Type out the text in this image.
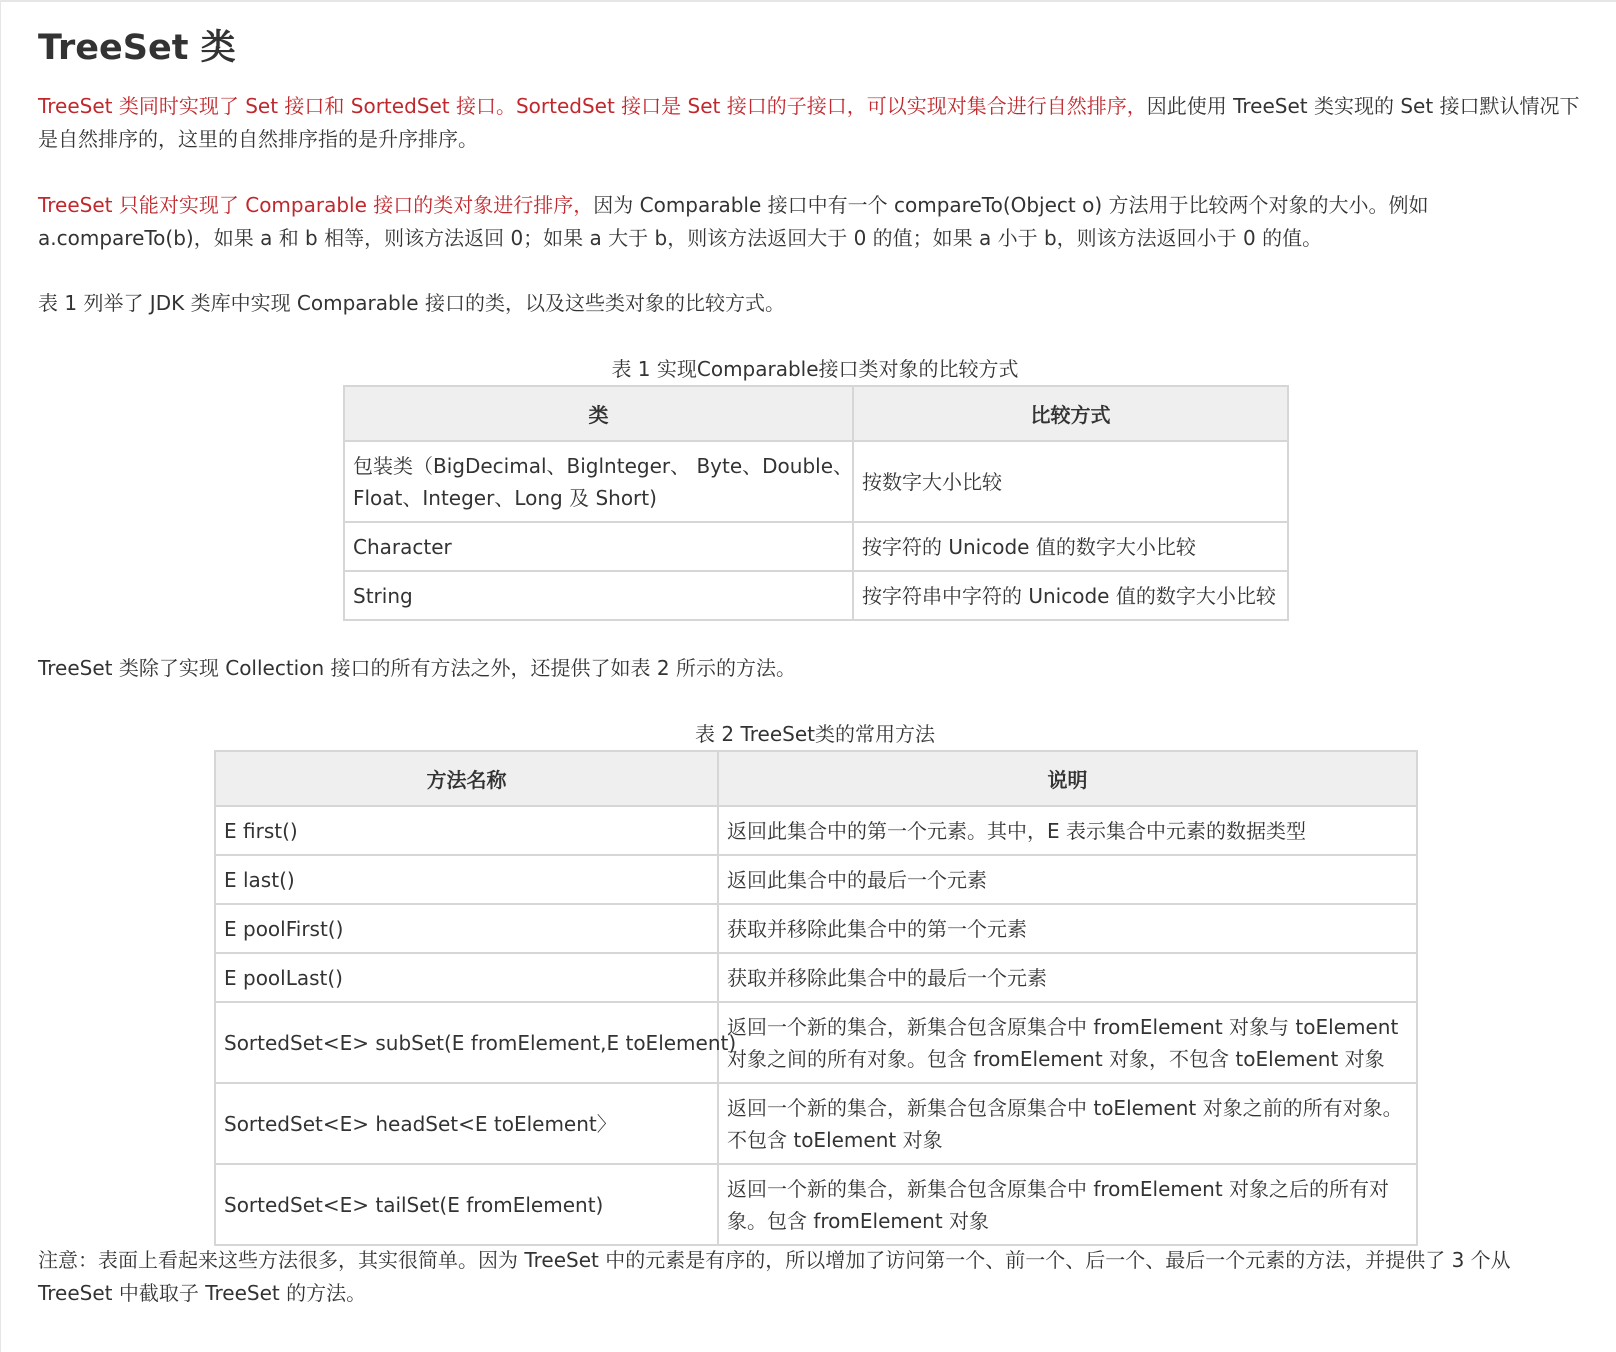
TreeSet 类
TreeSet 类同时实现了 Set 接口和 SortedSet 接口。SortedSet 接口是 Set 接口的子接口，可以实现对集合进行自然排序，因此使用 TreeSet 类实现的 Set 接口默认情况下
是自然排序的，这里的自然排序指的是升序排序。
TreeSet 只能对实现了 Comparable 接口的类对象进行排序，因为 Comparable 接口中有一个 compareTo(Object o) 方法用于比较两个对象的大小。例如
a.compareTo(b)，如果 a 和 b 相等，则该方法返回 0；如果 a 大于 b，则该方法返回大于 0 的值；如果 a 小于 b，则该方法返回小于 0 的值。
表 1 列举了 JDK 类库中实现 Comparable 接口的类，以及这些类对象的比较方式。
表 1 实现Comparable接口类对象的比较方式
类	比较方式

包装类（BigDecimal、Biglnteger、 Byte、Double、
Float、Integer、Long 及 Short)	按数字大小比较
Character	按字符的 Unicode 值的数字大小比较
String	按字符串中字符的 Unicode 值的数字大小比较
TreeSet 类除了实现 Collection 接口的所有方法之外，还提供了如表 2 所示的方法。
表 2 TreeSet类的常用方法
方法名称	说明
E first()	返回此集合中的第一个元素。其中，E 表示集合中元素的数据类型
E last()	返回此集合中的最后一个元素
E poolFirst()	获取并移除此集合中的第一个元素
E poolLast()	获取并移除此集合中的最后一个元素
SortedSet<E> subSet(E fromElement,E toElement)	返回一个新的集合，新集合包含原集合中 fromElement 对象与 toElement
对象之间的所有对象。包含 fromElement 对象，不包含 toElement 对象

SortedSet<E> headSet<E toElement〉	返回一个新的集合，新集合包含原集合中 toElement 对象之前的所有对象。
不包含 toElement 对象

SortedSet<E> tailSet(E fromElement)	返回一个新的集合，新集合包含原集合中 fromElement 对象之后的所有对
象。包含 fromElement 对象
注意：表面上看起来这些方法很多，其实很简单。因为 TreeSet 中的元素是有序的，所以增加了访问第一个、前一个、后一个、最后一个元素的方法，并提供了 3 个从
TreeSet 中截取子 TreeSet 的方法。
